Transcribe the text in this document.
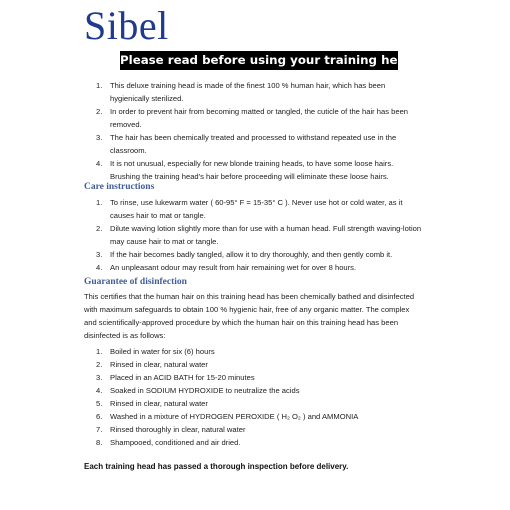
Sibel
Please read before using your training head
1. This deluxe training head is made of the finest 100 % human hair, which has been hygienically sterilized.
2. In order to prevent hair from becoming matted or tangled, the cuticle of the hair has been removed.
3. The hair has been chemically treated and processed to withstand repeated use in the classroom.
4. It is not unusual, especially for new blonde training heads, to have some loose hairs. Brushing the training head's hair before proceeding will eliminate these loose hairs.
Care instructions
1. To rinse, use lukewarm water ( 60-95° F = 15-35° C ). Never use hot or cold water, as it causes hair to mat or tangle.
2. Dilute waving lotion slightly more than for use with a human head. Full strength waving-lotion may cause hair to mat or tangle.
3. If the hair becomes badly tangled, allow it to dry thoroughly, and then gently comb it.
4. An unpleasant odour may result from hair remaining wet for over 8 hours.
Guarantee of disinfection
This certifies that the human hair on this training head has been chemically bathed and disinfected with maximum safeguards to obtain 100 % hygienic hair, free of any organic matter. The complex and scientifically-approved procedure by which the human hair on this training head has been disinfected is as follows:
1. Boiled in water for six (6) hours
2. Rinsed in clear, natural water
3. Placed in an ACID BATH for 15-20 minutes
4. Soaked in SODIUM HYDROXIDE to neutralize the acids
5. Rinsed in clear, natural water
6. Washed in a mixture of HYDROGEN PEROXIDE ( H₂ O₂ ) and AMMONIA
7. Rinsed thoroughly in clear, natural water
8. Shampooed, conditioned and air dried.
Each training head has passed a thorough inspection before delivery.
